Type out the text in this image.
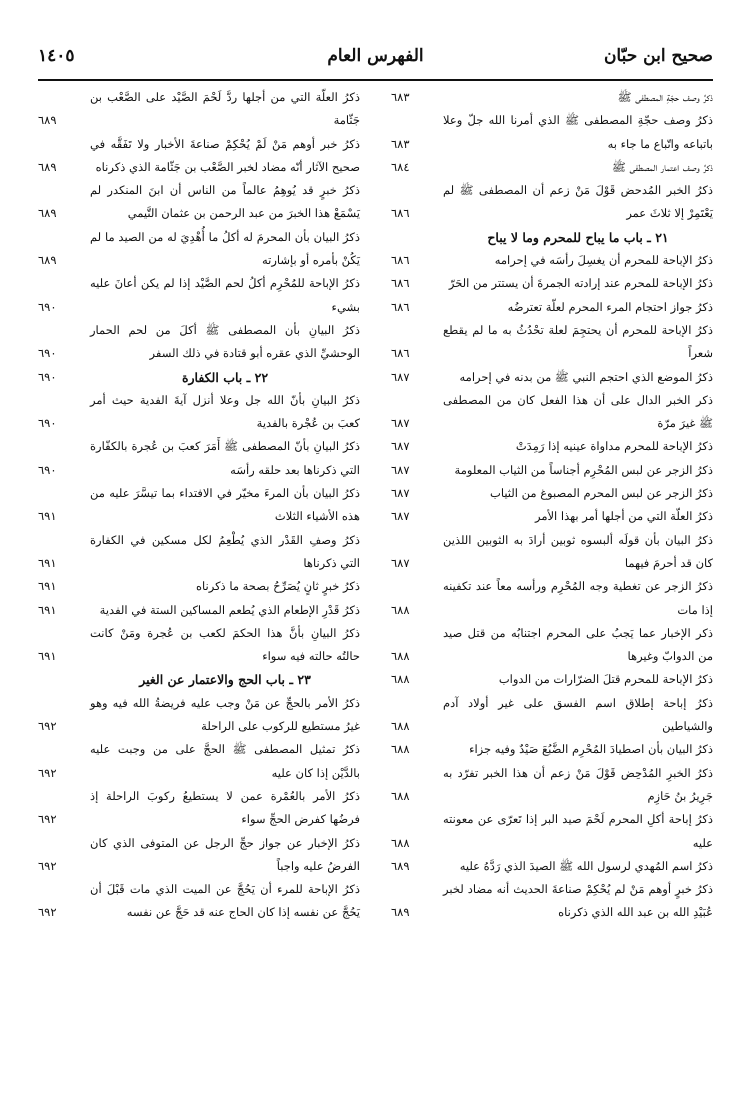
صحيح ابن حبّان
الفهرس العام
١٤٠٥
ذكرُ وصف حجّةِ المصطفى ﷺ
٦٨٣
ذكرُ وصف حجّةِ المصطفى ﷺ الذي أمرنا الله جلّ وعلا باتباعه واتّباع ما جاء به
٦٨٣
ذكرُ وصف اعتمار المصطفى ﷺ
٦٨٤
ذكرُ الخبر المُدحض قَوْلَ مَنْ زعم أن المصطفى ﷺ لم يَعْتَمِرْ إلا ثلاثَ عمر
٦٨٦
٢١ ـ باب ما يباح للمحرم وما لا يباح
ذكرُ الإباحة للمحرم أن يغسِلَ رأسَه في إحرامه
٦٨٦
ذكرُ الإباحة للمحرم عند إرادته الجمرةَ أن يستتر من الحَرّ
٦٨٦
ذكرُ جواز احتجام المرء المحرم لعلّة تعترضُه
٦٨٦
ذكرُ الإباحة للمحرم أن يحتجِمَ لعلة تحْدُثُ به ما لم يقطع شعراً
٦٨٦
ذكرُ الموضع الذي احتجم النبي ﷺ من بدنه في إحرامه
٦٨٧
ذكر الخبر الدال على أن هذا الفعل كان من المصطفى ﷺ غيرَ مرّة
٦٨٧
ذكرُ الإباحة للمحرم مداواة عينيه إذا رَمِدَتْ
٦٨٧
ذكرُ الزجر عن لبس المُحْرِم أجناساً من الثياب المعلومة
٦٨٧
ذكرُ الزجر عن لبس المحرم المصبوغ من الثياب
٦٨٧
ذكرُ العلّة التي من أجلها أمر بهذا الأمر
٦٨٧
ذكرُ البيان بأن قولَه ألبسوه ثوبين أرادَ به الثوبين اللذين كان قد أحرمَ فيهما
٦٨٧
ذكرُ الزجر عن تغطية وجه المُحْرِم ورأسه معاً عند تكفينه إذا مات
٦٨٨
ذكر الإخبار عما يَجبُ على المحرم اجتنابُه من قتل صيد من الدوابّ وغيرها
٦٨٨
ذكرُ الإباحة للمحرم قتلَ الضرّارات من الدواب
٦٨٨
ذكرُ إباحة إطلاق اسم الفسق على غير أولاد آدم والشياطين
٦٨٨
ذكرُ البيان بأن اصطيادَ المُحْرِم الضَّبُعَ صَيْدٌ وفيه جزاء
٦٨٨
ذكرُ الخبرِ المُدْحِض قَوْلَ مَنْ زعم أن هذا الخبر تفرّد به جَرِيرُ بنُ حَازِم
٦٨٨
ذكرُ إباحة أكلِ المحرم لَحْمَ صيد البر إذا تَعرّى عن معونته عليه
٦٨٨
ذكرُ اسم المُهدي لرسول الله ﷺ الصيدَ الذي رَدَّهُ عليه
٦٨٩
ذكرُ خبرٍ أوهم مَنْ لم يُحْكِمْ صناعةَ الحديث أنه مضاد لخبر عُبَيْدِ الله بن عبد الله الذي ذكرناه
٦٨٩
ذكرُ العلّة التي من أجلها ردَّ لَحْمَ الصَّيْد على الصَّعْب بن جَثّامة
٦٨٩
ذكرُ خبر أوهم مَنْ لَمْ يُحْكِمْ صناعةَ الأخبار ولا تَفَقَّه في صحيح الآثار أنّه مضاد لخبر الصَّعْب بن جَثّامة الذي ذكرناه
٦٨٩
ذكرُ خبرٍ قد يُوهِمُ عالماً من الناس أن ابنَ المنكدر لم يَسْمَعْ هذا الخبرَ من عبد الرحمن بن عثمان التَّيمي
٦٨٩
ذكرُ البيان بأن المحرمَ له أكلُ ما أُهْدِيَ له من الصيد ما لم يَكُنْ بأمره أو بإشارته
٦٨٩
ذكرُ الإباحة للمُحْرِم أكلُ لحم الصَّيْد إذا لم يكن أعانَ عليه بشيء
٦٩٠
ذكرُ البيانِ بأن المصطفى ﷺ أكلَ من لحم الحمار الوحشيِّ الذي عقره أبو قتادة في ذلك السفر
٦٩٠
٢٢ ـ باب الكفارة
٦٩٠
ذكرُ البيانِ بأنّ الله جل وعلا أنزل آيةَ الفدية حيث أمر كعبَ بن عُجْرة بالفدية
٦٩٠
ذكرُ البيانِ بأنّ المصطفى ﷺ أَمَرَ كعبَ بن عُجرة بالكفّارة التي ذكرناها بعد حلقه رأسَه
٦٩٠
ذكرُ البيان بأن المرءَ مخيّر في الافتداء بما تيسَّرَ عليه من هذه الأشياء الثلاث
٦٩١
ذكرُ وصفِ القَدْر الذي يُطْعِمُ لكل مسكين في الكفارة التي ذكرناها
٦٩١
ذكرُ خبرٍ ثانٍ يُصَرِّحُ بصحة ما ذكرناه
٦٩١
ذكرُ قَدْرِ الإطعام الذي يُطعم المساكين الستة في الفدية
٦٩١
ذكرُ البيانِ بأنَّ هذا الحكمَ لكعب بن عُجرة ومَنْ كانت حالتُه حالته فيه سواء
٦٩١
٢٣ ـ باب الحج والاعتمار عن الغير
ذكرُ الأمر بالحجِّ عن مَنْ وجب عليه فريضةُ الله فيه وهو غيرُ مستطيع للركوب على الراحلة
٦٩٢
ذكرُ تمثيل المصطفى ﷺ الحجَّ على من وجبت عليه بالدَّيْن إذا كان عليه
٦٩٢
ذكرُ الأمر بالعُمْرة عمن لا يستطيعُ ركوبَ الراحلة إذ فرضُها كفرض الحجِّ سواء
٦٩٢
ذكرُ الإخبار عن جواز حجِّ الرجل عن المتوفى الذي كان الفرضُ عليه واجباً
٦٩٢
ذكرُ الإباحة للمرء أن يَحُجَّ عن الميت الذي مات قَبْلَ أن يَحُجَّ عن نفسه إذا كان الحاج عنه قد حَجَّ عن نفسه
٦٩٢
